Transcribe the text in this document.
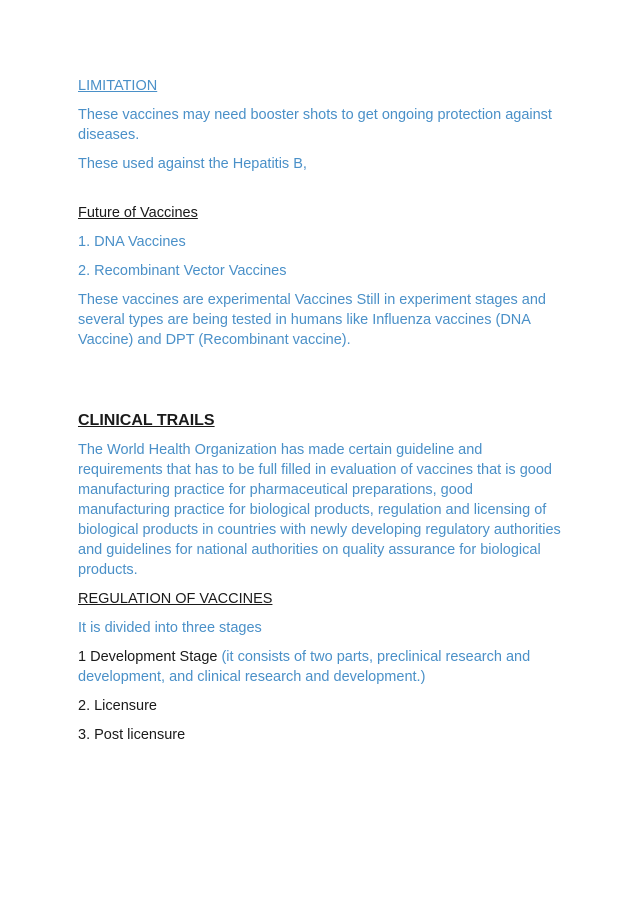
LIMITATION

These vaccines may need booster shots to get ongoing protection against diseases.

These used against the Hepatitis B,

Future of Vaccines

1. DNA Vaccines

2. Recombinant Vector Vaccines

These vaccines are experimental Vaccines Still in experiment stages and several types are being tested in humans like Influenza vaccines (DNA Vaccine) and DPT (Recombinant vaccine).

CLINICAL TRAILS

The World Health Organization has made certain guideline and requirements that has to be full filled in evaluation of vaccines that is good manufacturing practice for pharmaceutical preparations, good manufacturing practice for biological products, regulation and licensing of biological products in countries with newly developing regulatory authorities and guidelines for national authorities on quality assurance for biological products.

REGULATION OF VACCINES

It is divided into three stages

1 Development Stage (it consists of two parts, preclinical research and development, and clinical research and development.)

2. Licensure

3. Post licensure
